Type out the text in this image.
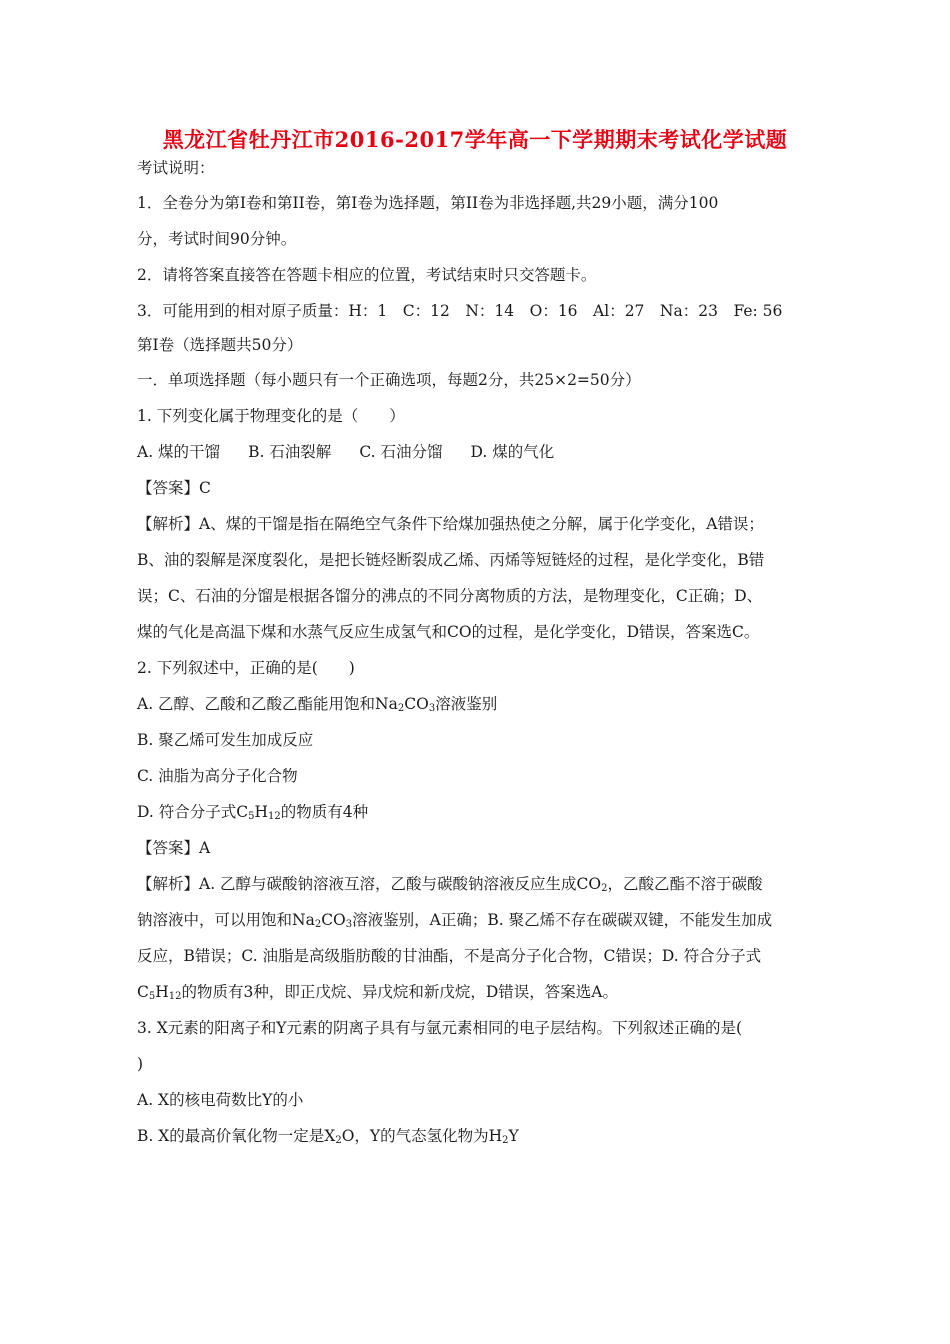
黑龙江省牡丹江市2016-2017学年高一下学期期末考试化学试题
考试说明：
1．全卷分为第I卷和第II卷，第I卷为选择题，第II卷为非选择题,共29小题，满分100
分，考试时间90分钟。
2．请将答案直接答在答题卡相应的位置，考试结束时只交答题卡。
3．可能用到的相对原子质量：H：1　C：12　N：14　O：16　Al：27　Na：23　Fe: 56
第I卷（选择题共50分）
一．单项选择题（每小题只有一个正确选项，每题2分，共25×2=50分）
1. 下列变化属于物理变化的是（　　）
A. 煤的干馏 B. 石油裂解 C. 石油分馏 D. 煤的气化
【答案】C
【解析】A、煤的干馏是指在隔绝空气条件下给煤加强热使之分解，属于化学变化，A错误；
B、油的裂解是深度裂化，是把长链烃断裂成乙烯、丙烯等短链烃的过程，是化学变化，B错
误；C、石油的分馏是根据各馏分的沸点的不同分离物质的方法，是物理变化，C正确；D、
煤的气化是高温下煤和水蒸气反应生成氢气和CO的过程，是化学变化，D错误，答案选C。
2. 下列叙述中，正确的是(　　)
A. 乙醇、乙酸和乙酸乙酯能用饱和$Na_2CO_3$溶液鉴别
B. 聚乙烯可发生加成反应
C. 油脂为高分子化合物
D. 符合分子式$C_5H_{12}$的物质有4种
【答案】A
【解析】A. 乙醇与碳酸钠溶液互溶，乙酸与碳酸钠溶液反应生成$CO_2$，乙酸乙酯不溶于碳酸
钠溶液中，可以用饱和$Na_2CO_3$溶液鉴别，A正确；B. 聚乙烯不存在碳碳双键，不能发生加成
反应，B错误；C. 油脂是高级脂肪酸的甘油酯，不是高分子化合物，C错误；D. 符合分子式
$C_5H_{12}$的物质有3种，即正戊烷、异戊烷和新戊烷，D错误，答案选A。
3. X元素的阳离子和Y元素的阴离子具有与氩元素相同的电子层结构。下列叙述正确的是(
)
A. X的核电荷数比Y的小
B. X的最高价氧化物一定是$X_2O$，Y的气态氢化物为$H_2Y$
